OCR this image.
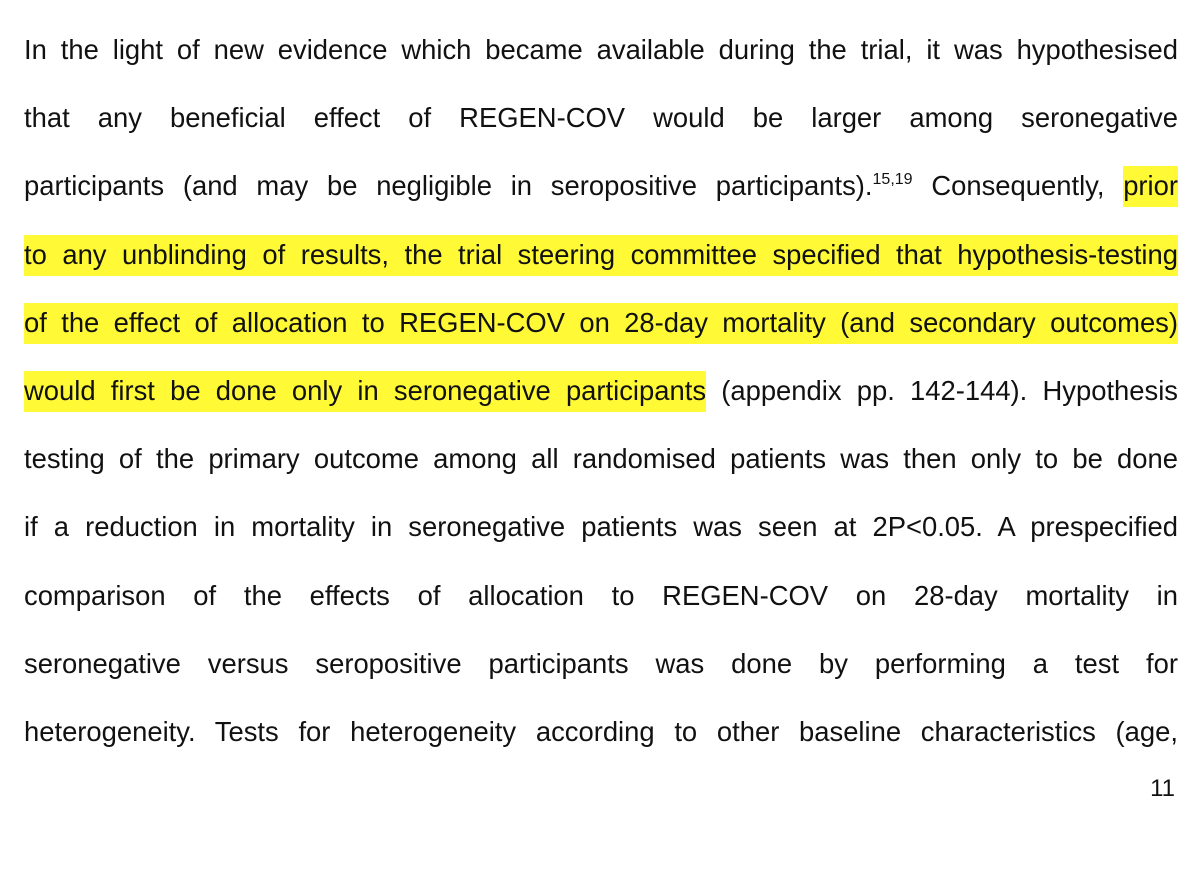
In the light of new evidence which became available during the trial, it was hypothesised
that any beneficial effect of REGEN-COV would be larger among seronegative
participants (and may be negligible in seropositive participants).$^{15,19}$ Consequently, prior
to any unblinding of results, the trial steering committee specified that hypothesis-testing
of the effect of allocation to REGEN-COV on 28-day mortality (and secondary outcomes)
would first be done only in seronegative participants (appendix pp. 142-144). Hypothesis
testing of the primary outcome among all randomised patients was then only to be done
if a reduction in mortality in seronegative patients was seen at 2P<0.05. A prespecified
comparison of the effects of allocation to REGEN-COV on 28-day mortality in
seronegative versus seropositive participants was done by performing a test for
heterogeneity. Tests for heterogeneity according to other baseline characteristics (age,

11
